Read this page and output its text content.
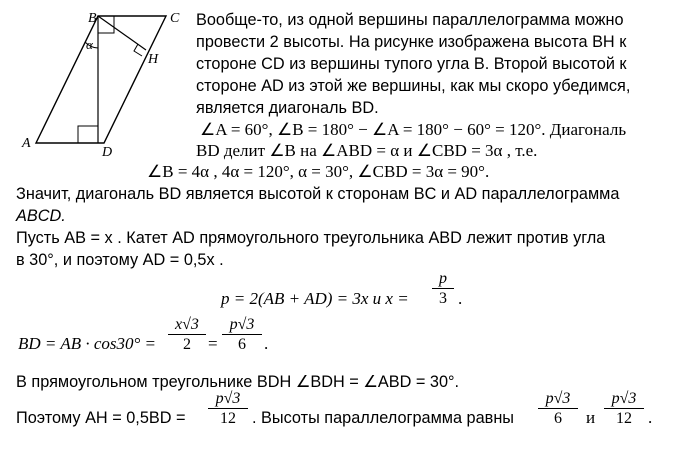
A
B	C
D
H
α
Вообще-то, из одной вершины параллелограмма можно
провести 2 высоты. На рисунке изображена высота BH к
стороне CD из вершины тупого угла B. Второй высотой к
стороне AD из этой же вершины, как мы скоро убедимся,
является диагональ BD.
∠A = 60°, ∠B = 180° − ∠A = 180° − 60° = 120°. Диагональ
BD делит ∠B на ∠ABD = α и ∠CBD = 3α , т.е.
∠B = 4α , 4α = 120°, α = 30°, ∠CBD = 3α = 90°.
Значит, диагональ BD является высотой к сторонам BC и AD параллелограмма
ABCD.
Пусть AB = x . Катет AD прямоугольного треугольника ABD лежит против угла
в 30°, и поэтому AD = 0,5x .
p = 2(AB + AD) = 3x и x =
p
3 .
BD = AB · cos30° =
x√3
2	=
p√3
6	.
В прямоугольном треугольнике BDH ∠BDH = ∠ABD = 30°.
Поэтому AH = 0,5BD =
p√3
12 . Высоты параллелограмма равны
p√3
6	и
p√3
12 .
